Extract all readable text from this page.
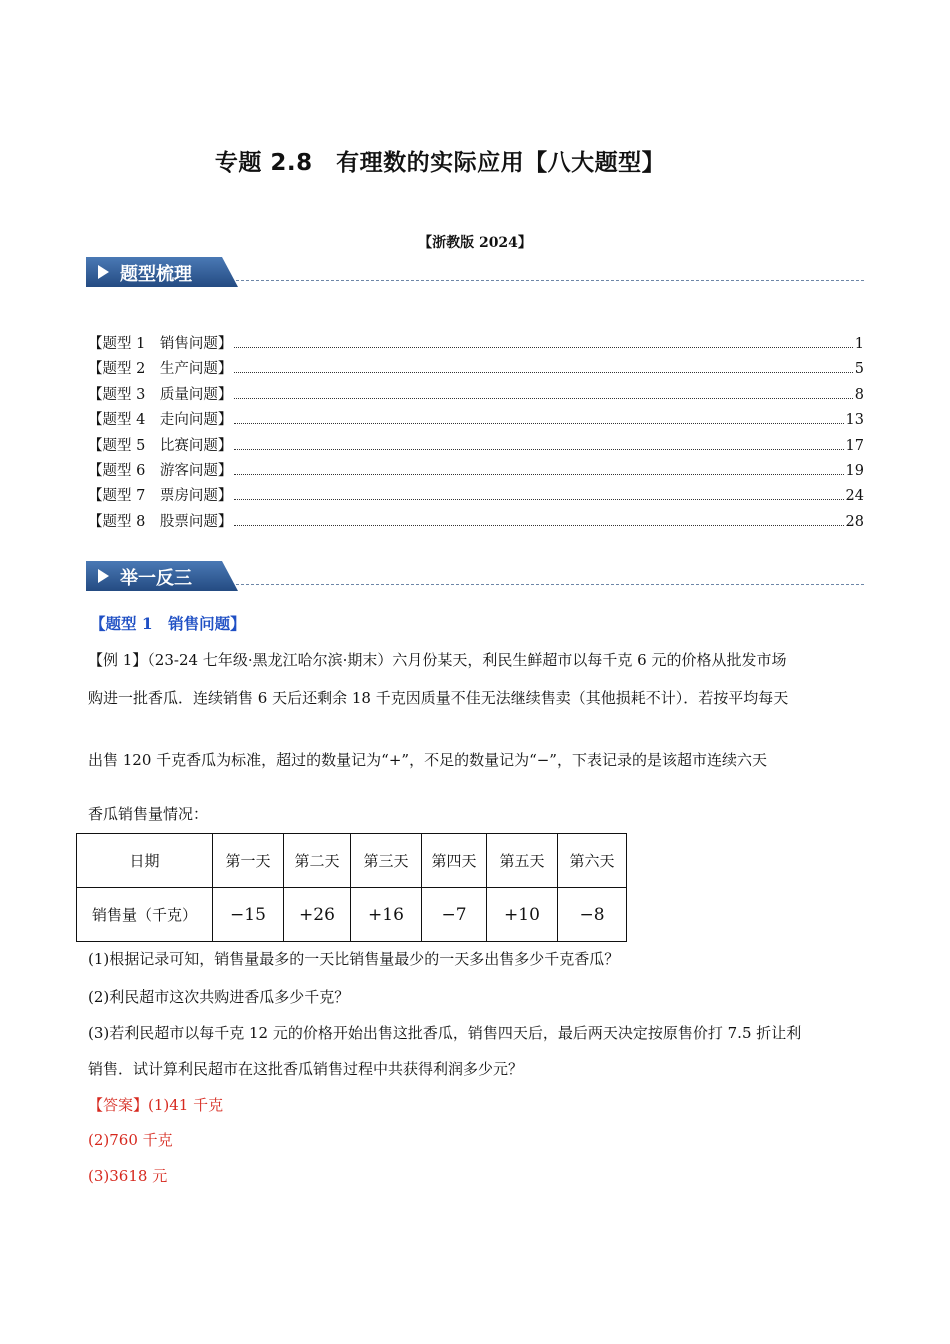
专题 2.8　有理数的实际应用【八大题型】
【浙教版 2024】
题型梳理
【题型 1　销售问题】	1
【题型 2　生产问题】	5
【题型 3　质量问题】	8
【题型 4　走向问题】	13
【题型 5　比赛问题】	17
【题型 6　游客问题】	19
【题型 7　票房问题】	24
【题型 8　股票问题】	28
举一反三
【题型 1　销售问题】
【例 1】（23-24 七年级·黑龙江哈尔滨·期末）六月份某天，利民生鲜超市以每千克 6 元的价格从批发市场
购进一批香瓜．连续销售 6 天后还剩余 18 千克因质量不佳无法继续售卖（其他损耗不计）．若按平均每天
出售 120 千克香瓜为标准，超过的数量记为“+”，不足的数量记为“−”，下表记录的是该超市连续六天
香瓜销售量情况：
日期	第一天	第二天	第三天	第四天	第五天	第六天
销售量（千克）	−15	+26	+16	−7	+10	−8
(1)根据记录可知，销售量最多的一天比销售量最少的一天多出售多少千克香瓜？
(2)利民超市这次共购进香瓜多少千克？
(3)若利民超市以每千克 12 元的价格开始出售这批香瓜，销售四天后，最后两天决定按原售价打 7.5 折让利
销售．试计算利民超市在这批香瓜销售过程中共获得利润多少元？
【答案】(1)41 千克
(2)760 千克
(3)3618 元
